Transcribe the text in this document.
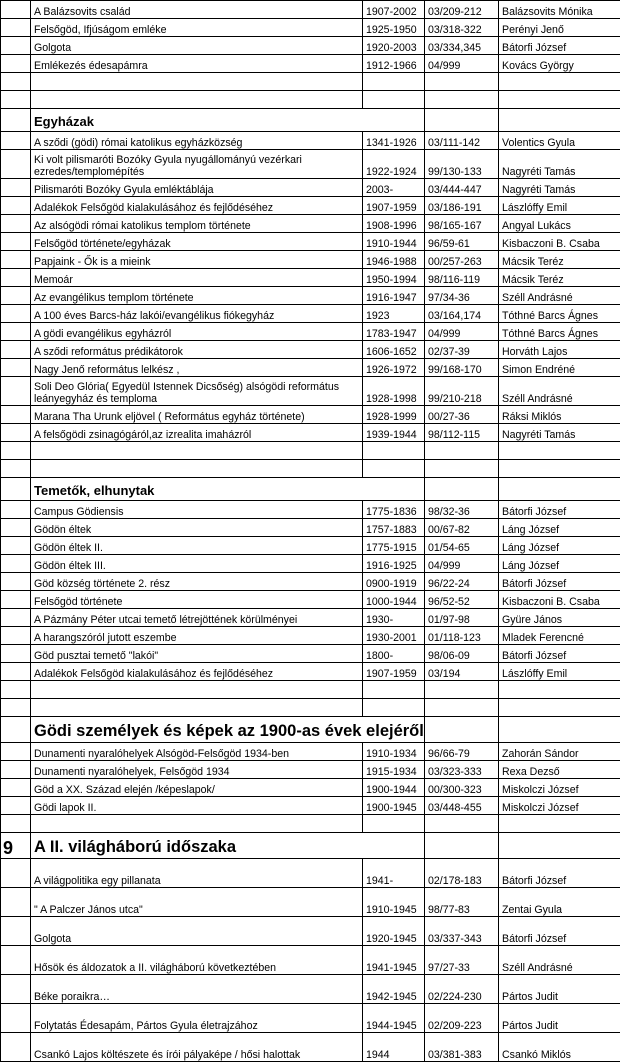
	A Balázsovits család	1907-2002	03/209-212	Balázsovits Mónika
	Felsőgöd, Ifjúságom emléke	1925-1950	03/318-322	Perényi Jenő
	Golgota	1920-2003	03/334,345	Bátorfi József
	Emlékezés édesapámra	1912-1966	04/999	Kovács György

	Egyházak			
	A sződi (gödi) római katolikus egyházközség	1341-1926	03/111-142	Volentics Gyula
	Ki volt pilismaróti Bozóky Gyula nyugállományú vezérkari ezredes/templomépítés	1922-1924	99/130-133	Nagyréti Tamás
	Pilismaróti Bozóky Gyula emléktáblája	2003-	03/444-447	Nagyréti Tamás
	Adalékok Felsőgöd kialakulásához és fejlődéséhez	1907-1959	03/186-191	Lászlóffy Emil
	Az alsógödi római katolikus templom története	1908-1996	98/165-167	Angyal Lukács
	Felsőgöd története/egyházak	1910-1944	96/59-61	Kisbaczoni B. Csaba
	Papjaink - Ők is a mieink	1946-1988	00/257-263	Mácsik Teréz
	Memoár	1950-1994	98/116-119	Mácsik Teréz
	Az evangélikus templom története	1916-1947	97/34-36	Széll Andrásné
	A 100 éves Barcs-ház lakói/evangélikus fiókegyház	1923	03/164,174	Tóthné Barcs Ágnes
	A gödi evangélikus egyházról	1783-1947	04/999	Tóthné Barcs Ágnes
	A sződi református prédikátorok	1606-1652	02/37-39	Horváth Lajos
	Nagy Jenő református lelkész ,	1926-1972	99/168-170	Simon Endréné
	Soli Deo Glória( Egyedül Istennek Dicsőség) alsógödi református leányegyház és temploma	1928-1998	99/210-218	Széll Andrásné
	Marana Tha Urunk eljövel ( Református egyház története)	1928-1999	00/27-36	Ráksi Miklós
	A felsőgödi zsinagógáról,az izrealita imaházról	1939-1944	98/112-115	Nagyréti Tamás

	Temetők, elhunytak			
	Campus Gödiensis	1775-1836	98/32-36	Bátorfi József
	Gödön éltek	1757-1883	00/67-82	Láng József
	Gödön éltek II.	1775-1915	01/54-65	Láng József
	Gödön éltek III.	1916-1925	04/999	Láng József
	Göd község története 2. rész	0900-1919	96/22-24	Bátorfi József
	Felsőgöd története	1000-1944	96/52-52	Kisbaczoni B. Csaba
	A Pázmány Péter utcai temető létrejöttének körülményei	1930-	01/97-98	Gyüre János
	A harangszóról jutott eszembe	1930-2001	01/118-123	Mladek Ferencné
	Göd pusztai temető "lakói"	1800-	98/06-09	Bátorfi József
	Adalékok Felsőgöd kialakulásához és fejlődéséhez	1907-1959	03/194	Lászlóffy Emil

	Gödi személyek és képek az 1900-as évek elejéről			
	Dunamenti nyaralóhelyek Alsógöd-Felsőgöd 1934-ben	1910-1934	96/66-79	Zahorán Sándor
	Dunamenti nyaralóhelyek, Felsőgöd 1934	1915-1934	03/323-333	Rexa Dezső
	Göd a XX. Század elején /képeslapok/	1900-1944	00/300-323	Miskolczi József
	Gödi lapok II.	1900-1945	03/448-455	Miskolczi József

9	A II. világháború időszaka			
	A világpolitika egy pillanata	1941-	02/178-183	Bátorfi József
	" A Palczer János utca"	1910-1945	98/77-83	Zentai Gyula
	Golgota	1920-1945	03/337-343	Bátorfi József
	Hősök és áldozatok a II. világháború következtében	1941-1945	97/27-33	Széll Andrásné
	Béke poraikra…	1942-1945	02/224-230	Pártos Judit
	Folytatás Édesapám, Pártos Gyula életrajzához	1944-1945	02/209-223	Pártos Judit
	Csankó Lajos költészete és írói pályaképe / hősi halottak	1944	03/381-383	Csankó Miklós
